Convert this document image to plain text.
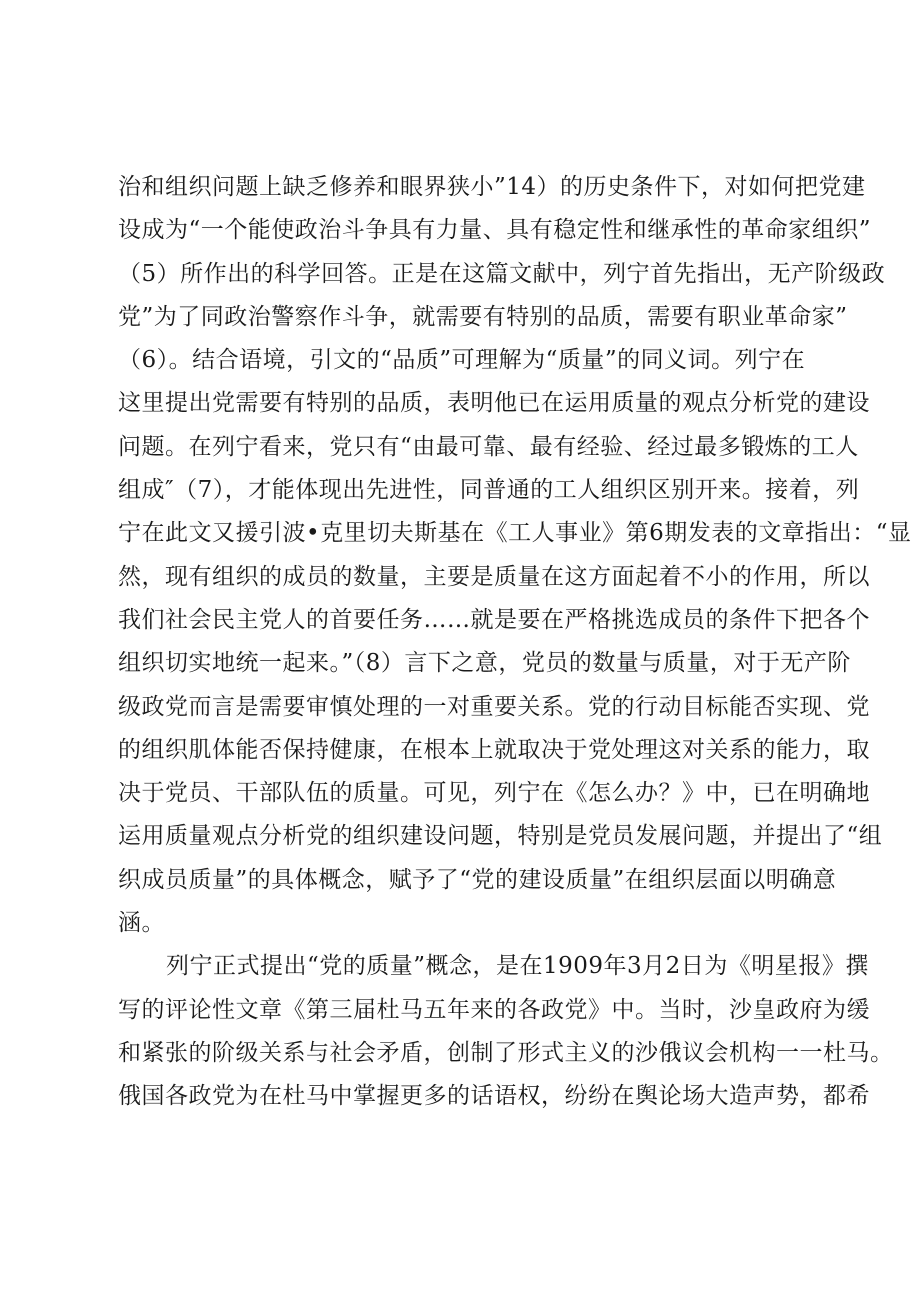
治和组织问题上缺乏修养和眼界狭小”14）的历史条件下，对如何把党建
设成为“一个能使政治斗争具有力量、具有稳定性和继承性的革命家组织”
（5）所作出的科学回答。正是在这篇文献中，列宁首先指出，无产阶级政
党”为了同政治警察作斗争，就需要有特别的品质，需要有职业革命家”
（6）。结合语境，引文的“品质”可理解为“质量”的同义词。列宁在
这里提出党需要有特别的品质，表明他已在运用质量的观点分析党的建设
问题。在列宁看来，党只有“由最可靠、最有经验、经过最多锻炼的工人
组成″（7），才能体现出先进性，同普通的工人组织区别开来。接着，列
宁在此文又援引波•克里切夫斯基在《工人事业》第6期发表的文章指出：“显
然，现有组织的成员的数量，主要是质量在这方面起着不小的作用，所以
我们社会民主党人的首要任务……就是要在严格挑选成员的条件下把各个
组织切实地统一起来。”（8）言下之意，党员的数量与质量，对于无产阶
级政党而言是需要审慎处理的一对重要关系。党的行动目标能否实现、党
的组织肌体能否保持健康，在根本上就取决于党处理这对关系的能力，取
决于党员、干部队伍的质量。可见，列宁在《怎么办？》中，已在明确地
运用质量观点分析党的组织建设问题，特别是党员发展问题，并提出了“组
织成员质量”的具体概念，赋予了“党的建设质量”在组织层面以明确意
涵。
列宁正式提出“党的质量”概念，是在1909年3月2日为《明星报》撰
写的评论性文章《第三届杜马五年来的各政党》中。当时，沙皇政府为缓
和紧张的阶级关系与社会矛盾，创制了形式主义的沙俄议会机构一一杜马。
俄国各政党为在杜马中掌握更多的话语权，纷纷在舆论场大造声势，都希
